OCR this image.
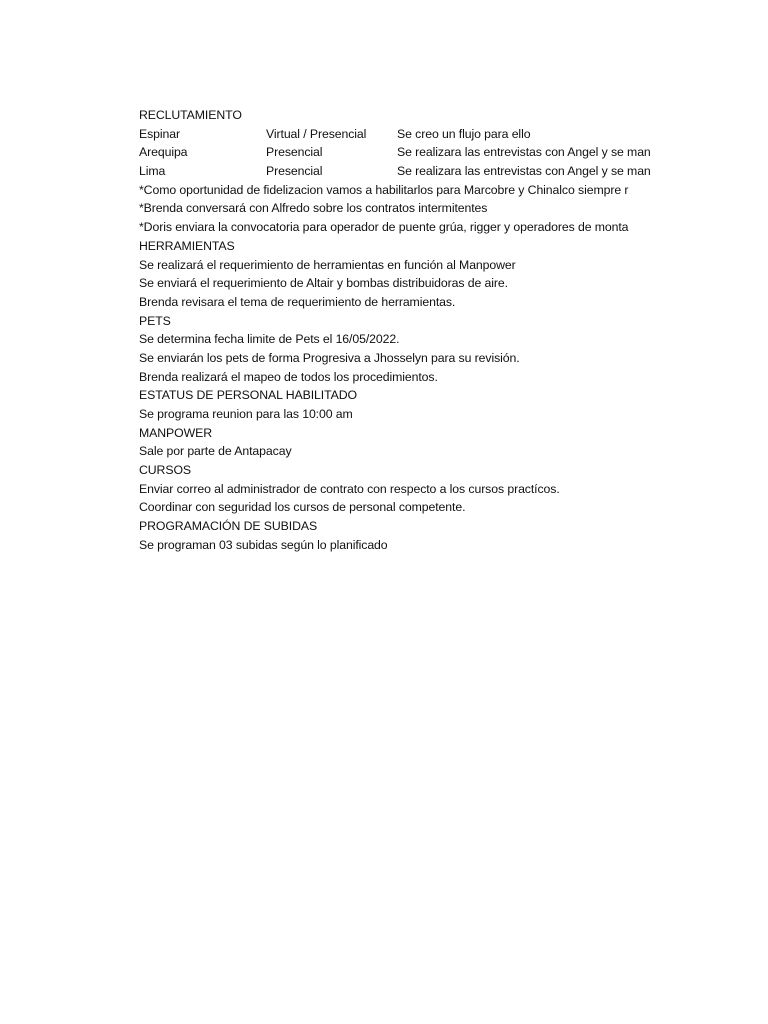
RECLUTAMIENTO
Espinar	Virtual / Presencial	Se creo un flujo para ello
Arequipa	Presencial	Se realizara las entrevistas con Angel y se man
Lima	Presencial	Se realizara las entrevistas con Angel y se man
*Como oportunidad de fidelizacion vamos a habilitarlos para Marcobre y Chinalco siempre r
*Brenda conversará con Alfredo sobre los contratos intermitentes
*Doris enviara la convocatoria para operador de puente grúa, rigger y operadores de monta
HERRAMIENTAS
Se realizará el requerimiento de herramientas en función al Manpower
Se enviará el requerimiento de Altair y bombas distribuidoras de aire.
Brenda revisara el tema de requerimiento de herramientas.
PETS
Se determina fecha limite de Pets el 16/05/2022.
Se enviarán los pets de forma Progresiva a Jhosselyn para su revisión.
Brenda realizará el mapeo de todos los procedimientos.
ESTATUS DE PERSONAL HABILITADO
Se programa reunion para las 10:00 am
MANPOWER
Sale por parte de Antapacay
CURSOS
Enviar correo al administrador de contrato con respecto a los cursos practícos.
Coordinar con seguridad los cursos de personal competente.
PROGRAMACIÓN DE SUBIDAS
Se programan 03 subidas según lo planificado
